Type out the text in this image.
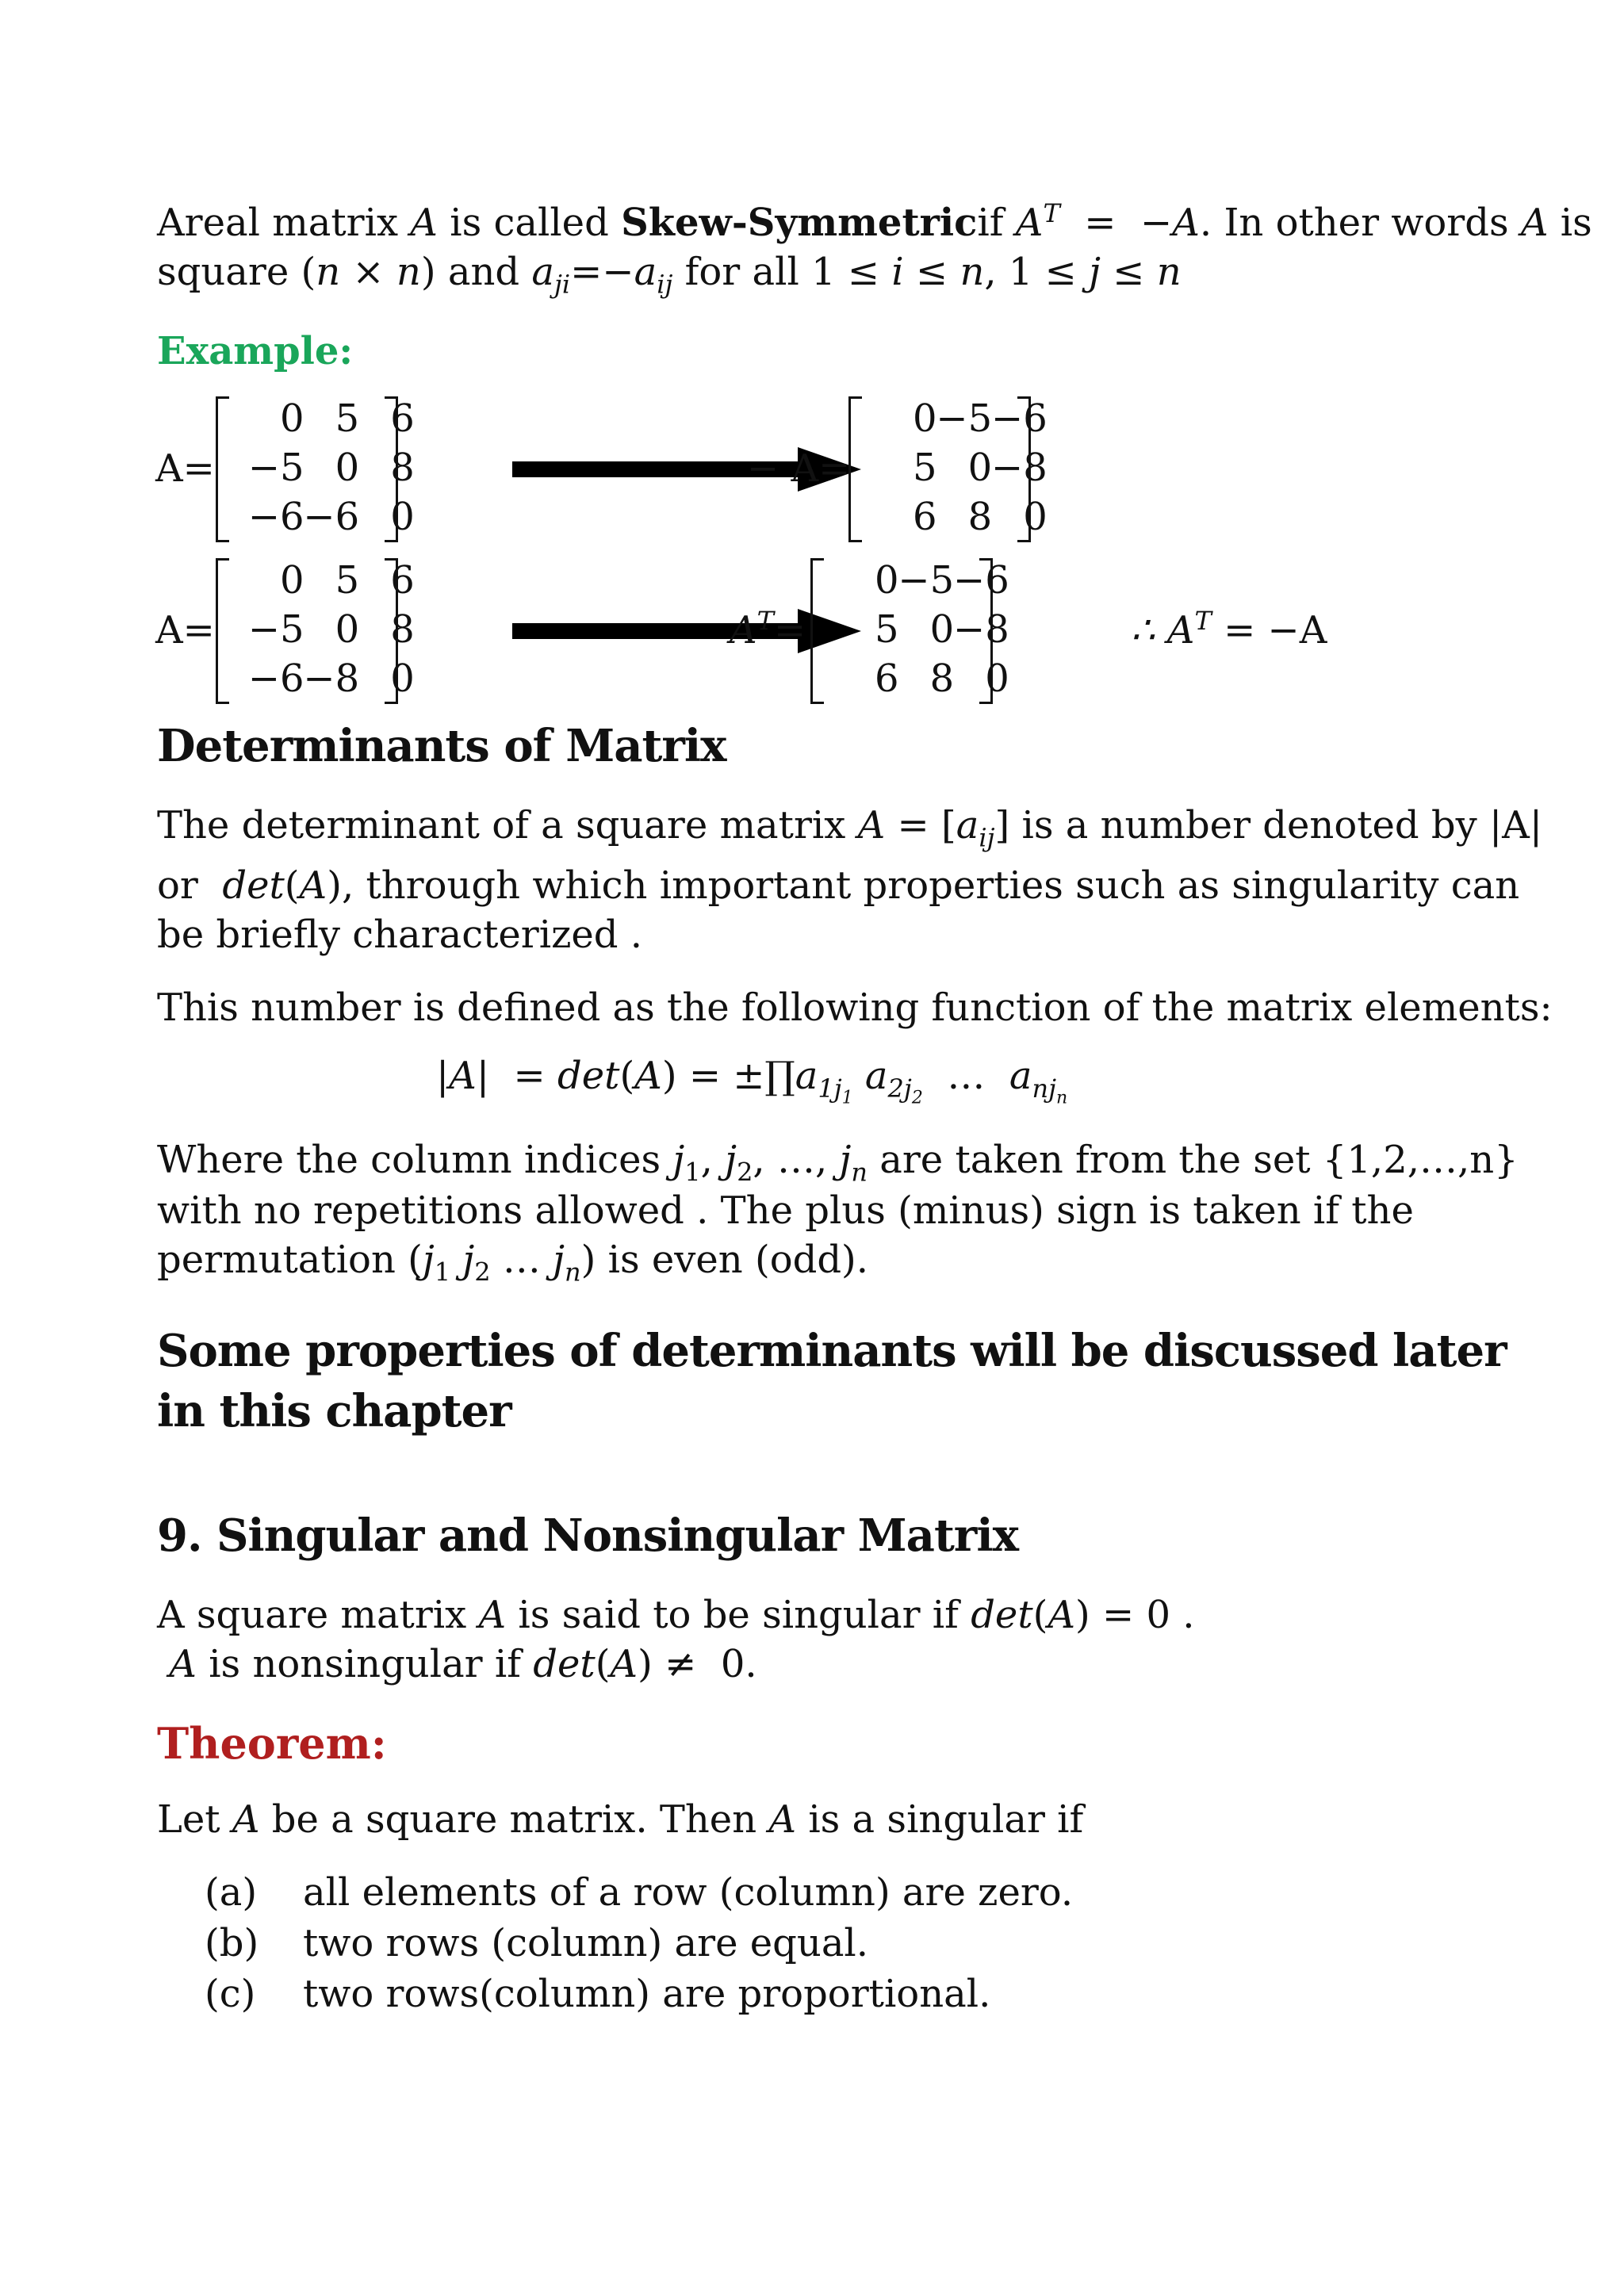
Areal matrix A is called Skew-Symmetricif $A^T = -A$. In other words A is
square (n × n) and $a_{ji}=-a_{ij}$ for all 1 ≤ i ≤ n, 1 ≤ j ≤ n
Example:
A=
0 5 6
−5 0 8
−6
−6 0
− A=
0
−5
−6
5 0
−8
6 8 0
A=
0 5 6
−5 0 8
−6
−8 0
$A^T=$
0
−5
−6
5 0
−8
6 8 0
∴ $A^T = -A$
Determinants of Matrix
The determinant of a square matrix $A = [a_{ij}]$ is a number denoted by |A|
or  det(A), through which important properties such as singularity can
be briefly characterized .
This number is defined as the following function of the matrix elements:
$|A| = \det(A) = \pm\prod a_{1j_1}$ $a_{2j_2}$  …  $a_{nj_n}$
Where the column indices $j_1$, $j_2$, …, $j_n$ are taken from the set {1,2,…,n}
with no repetitions allowed . The plus (minus) sign is taken if the
permutation ($j_1$ $j_2$ … $j_n$) is even (odd).
Some properties of determinants will be discussed later in this chapter
9. Singular and Nonsingular Matrix
A square matrix A is said to be singular if det(A) = 0 .
A is nonsingular if det(A) ≠  0.
Theorem:
Let A be a square matrix. Then A is a singular if
(a) all elements of a row (column) are zero.
(b) two rows (column) are equal.
(c) two rows(column) are proportional.
